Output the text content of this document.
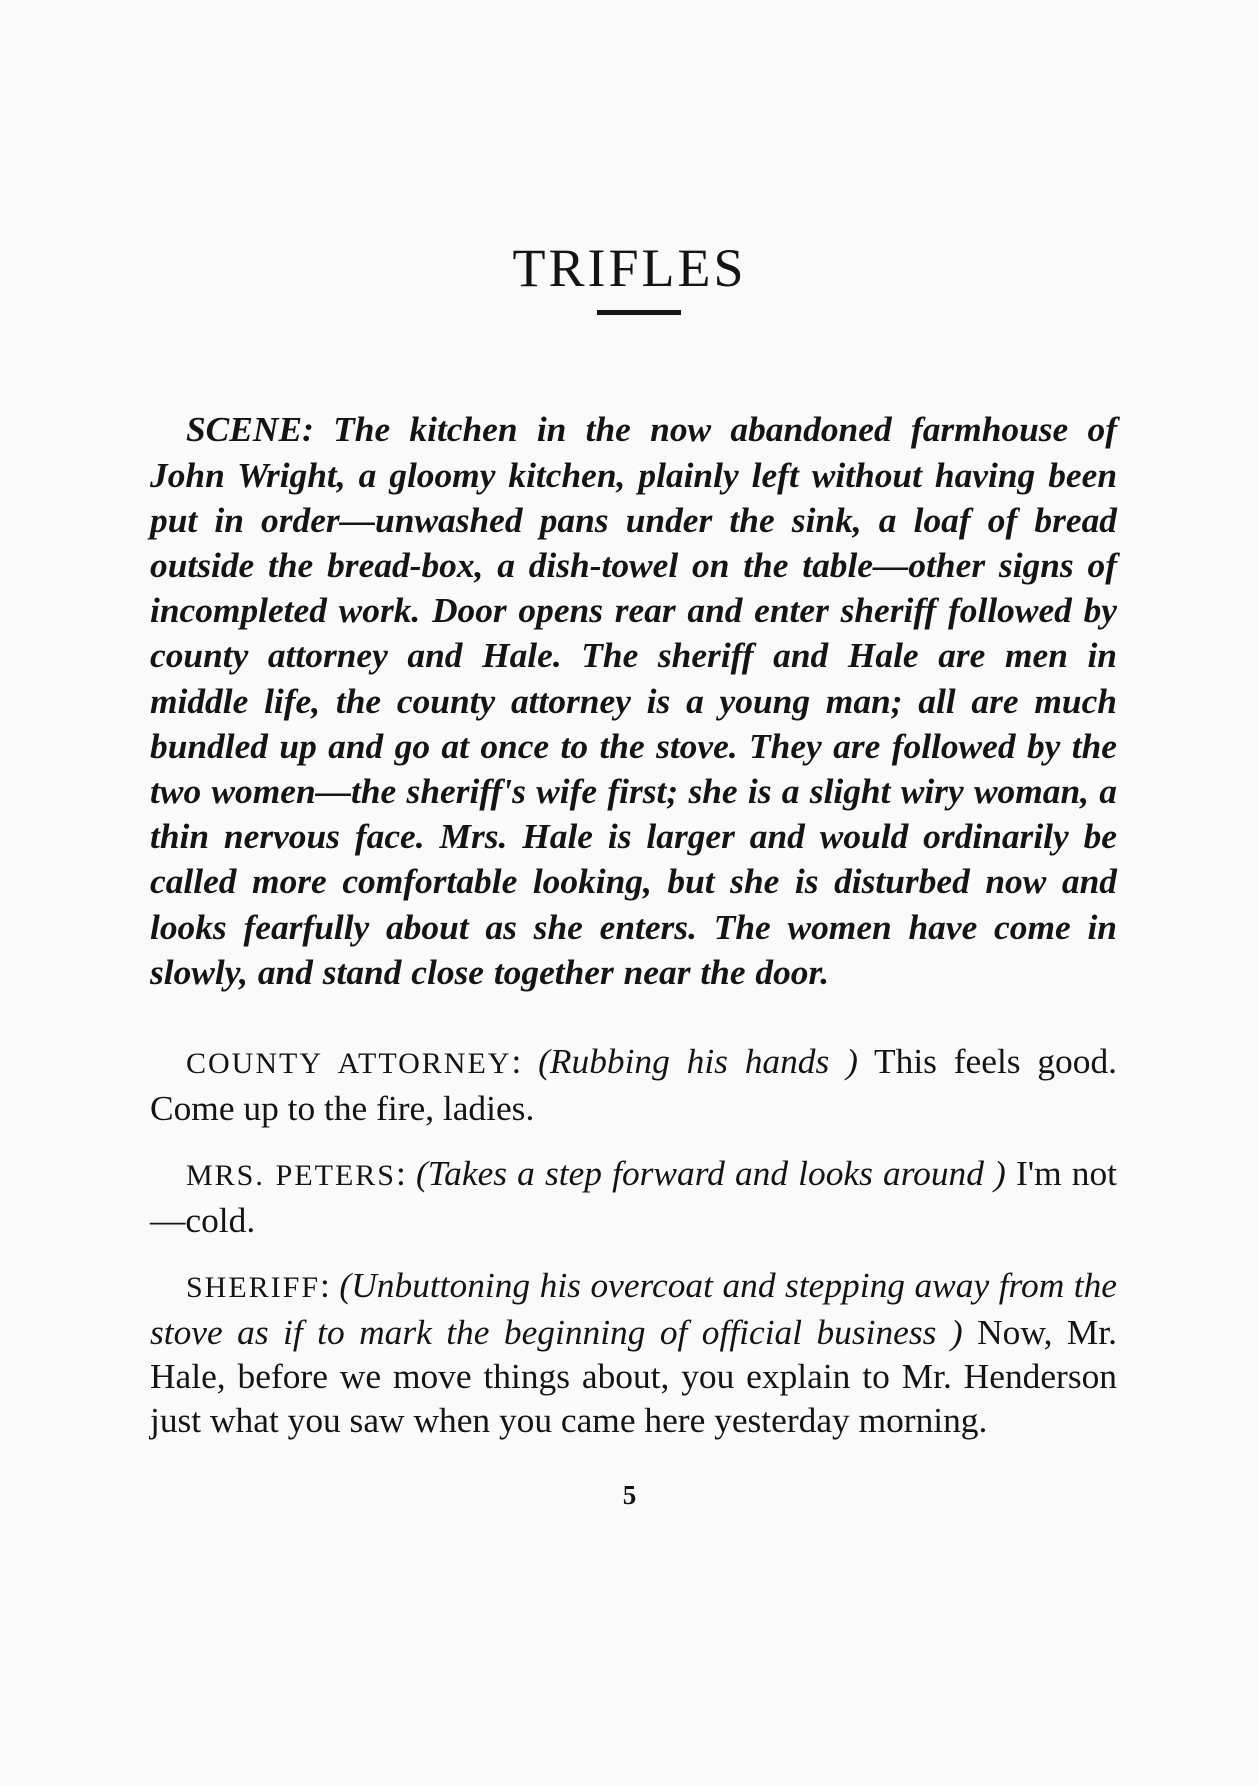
TRIFLES

SCENE: The kitchen in the now abandoned farmhouse of John Wright, a gloomy kitchen, plainly left without having been put in order—unwashed pans under the sink, a loaf of bread outside the bread-box, a dish-towel on the table—other signs of incompleted work. Door opens rear and enter sheriff followed by county attorney and Hale. The sheriff and Hale are men in middle life, the county attorney is a young man; all are much bundled up and go at once to the stove. They are followed by the two women—the sheriff's wife first; she is a slight wiry woman, a thin nervous face. Mrs. Hale is larger and would ordinarily be called more comfortable looking, but she is disturbed now and looks fearfully about as she enters. The women have come in slowly, and stand close together near the door.

COUNTY ATTORNEY: (Rubbing his hands ) This feels good. Come up to the fire, ladies.

MRS. PETERS: (Takes a step forward and looks around ) I'm not—cold.

SHERIFF: (Unbuttoning his overcoat and stepping away from the stove as if to mark the beginning of official business ) Now, Mr. Hale, before we move things about, you explain to Mr. Henderson just what you saw when you came here yesterday morning.

5
